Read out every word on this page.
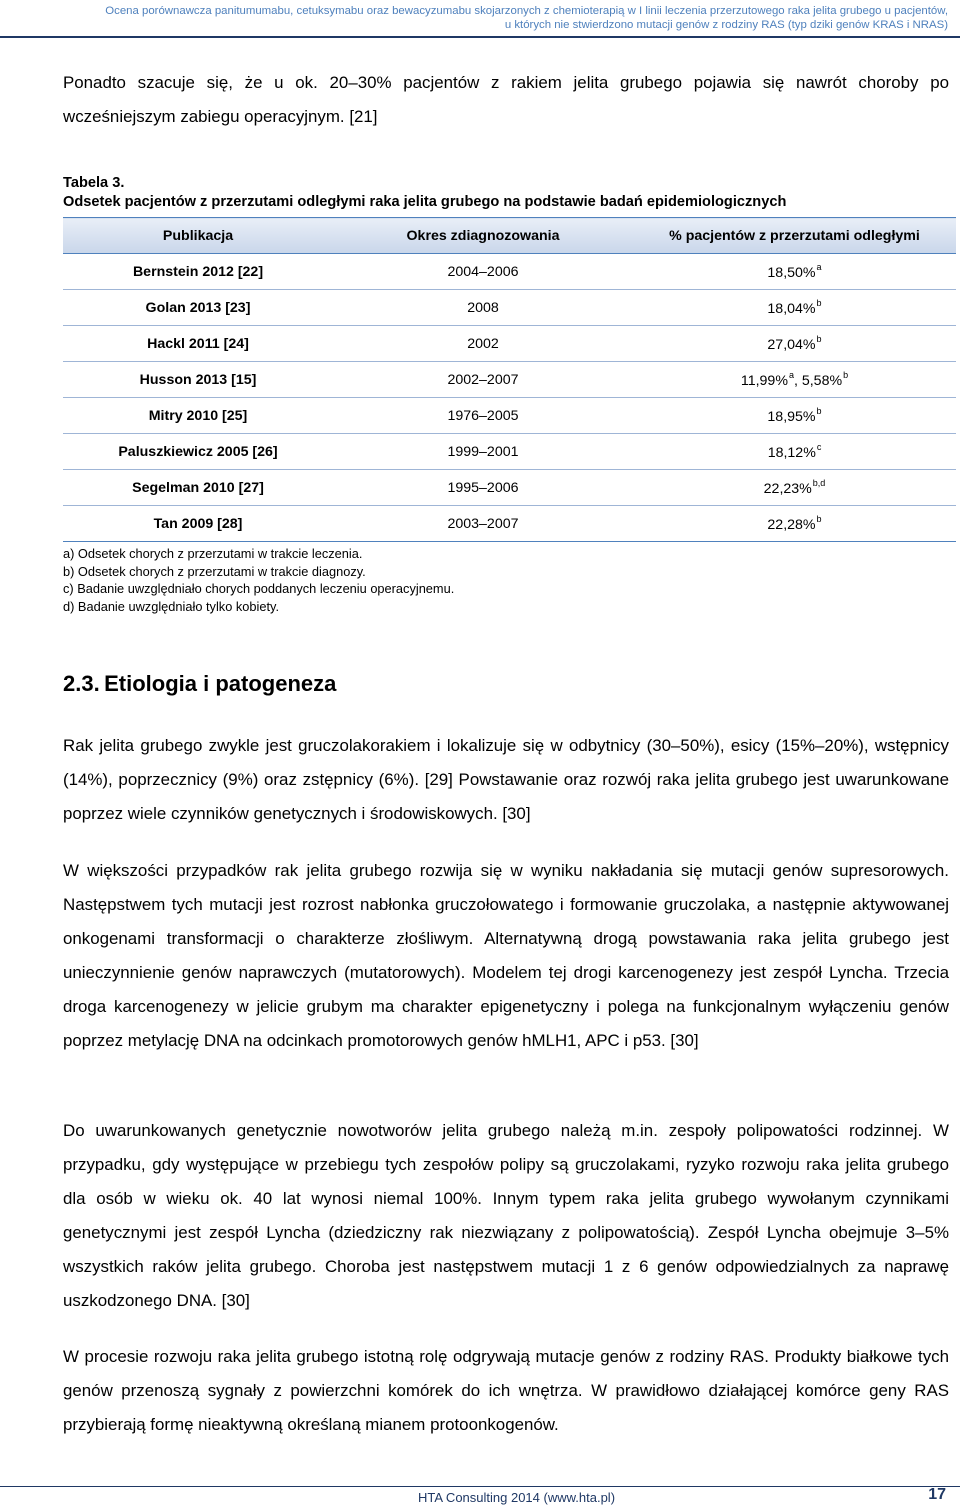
Ocena porównawcza panitumumabu, cetuksymabu oraz bewacyzumabu skojarzonych z chemioterapią w I linii leczenia przerzutowego raka jelita grubego u pacjentów,
u których nie stwierdzono mutacji genów z rodziny RAS (typ dziki genów KRAS i NRAS)

Ponadto szacuje się, że u ok. 20–30% pacjentów z rakiem jelita grubego pojawia się nawrót choroby po wcześniejszym zabiegu operacyjnym. [21]

Tabela 3.
Odsetek pacjentów z przerzutami odległymi raka jelita grubego na podstawie badań epidemiologicznych
Publikacja	Okres zdiagnozowania	% pacjentów z przerzutami odległymi
Bernstein 2012 [22]	2004–2006	18,50%$^a$
Golan 2013 [23]	2008	18,04%$^b$
Hackl 2011 [24]	2002	27,04%$^b$
Husson 2013 [15]	2002–2007	11,99%$^a$, 5,58%$^b$
Mitry 2010 [25]	1976–2005	18,95%$^b$
Paluszkiewicz 2005 [26]	1999–2001	18,12%$^c$
Segelman 2010 [27]	1995–2006	22,23%$^{b,d}$
Tan 2009 [28]	2003–2007	22,28%$^b$
a) Odsetek chorych z przerzutami w trakcie leczenia.
b) Odsetek chorych z przerzutami w trakcie diagnozy.
c) Badanie uwzględniało chorych poddanych leczeniu operacyjnemu.
d) Badanie uwzględniało tylko kobiety.
2.3. Etiologia i patogeneza

Rak jelita grubego zwykle jest gruczolakorakiem i lokalizuje się w odbytnicy (30–50%), esicy (15%–20%), wstępnicy (14%), poprzecznicy (9%) oraz zstępnicy (6%). [29] Powstawanie oraz rozwój raka jelita grubego jest uwarunkowane poprzez wiele czynników genetycznych i środowiskowych. [30]

W większości przypadków rak jelita grubego rozwija się w wyniku nakładania się mutacji genów supresorowych. Następstwem tych mutacji jest rozrost nabłonka gruczołowatego i formowanie gruczolaka, a następnie aktywowanej onkogenami transformacji o charakterze złośliwym. Alternatywną drogą powstawania raka jelita grubego jest unieczynnienie genów naprawczych (mutatorowych). Modelem tej drogi karcenogenezy jest zespół Lyncha. Trzecia droga karcenogenezy w jelicie grubym ma charakter epigenetyczny i polega na funkcjonalnym wyłączeniu genów poprzez metylację DNA na odcinkach promotorowych genów hMLH1, APC i p53. [30]

Do uwarunkowanych genetycznie nowotworów jelita grubego należą m.in. zespoły polipowatości rodzinnej. W przypadku, gdy występujące w przebiegu tych zespołów polipy są gruczolakami, ryzyko rozwoju raka jelita grubego dla osób w wieku ok. 40 lat wynosi niemal 100%. Innym typem raka jelita grubego wywołanym czynnikami genetycznymi jest zespół Lyncha (dziedziczny rak niezwiązany z polipowatością). Zespół Lyncha obejmuje 3–5% wszystkich raków jelita grubego. Choroba jest następstwem mutacji 1 z 6 genów odpowiedzialnych za naprawę uszkodzonego DNA. [30]

W procesie rozwoju raka jelita grubego istotną rolę odgrywają mutacje genów z rodziny RAS. Produkty białkowe tych genów przenoszą sygnały z powierzchni komórek do ich wnętrza. W prawidłowo działającej komórce geny RAS przybierają formę nieaktywną określaną mianem protoonkogenów.

HTA Consulting 2014 (www.hta.pl)	17
